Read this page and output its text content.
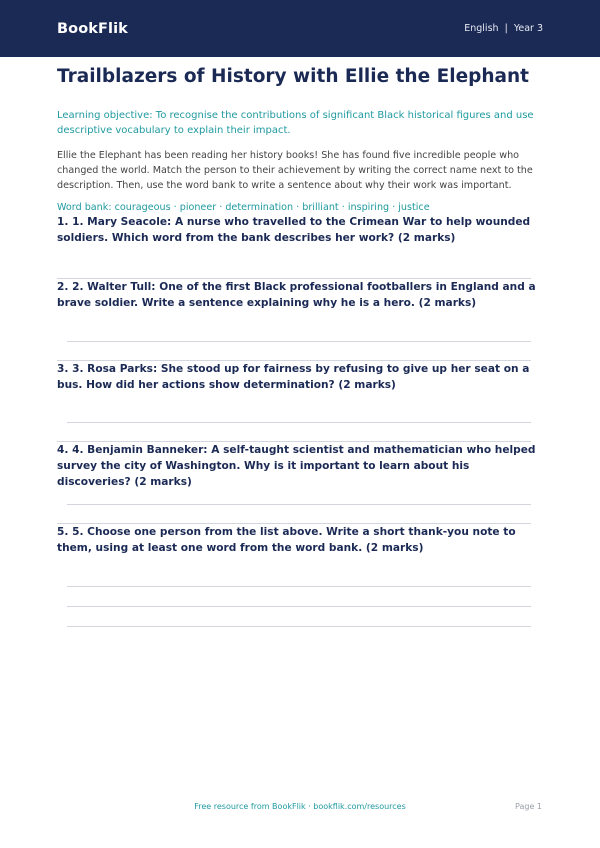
BookFlik	English  |  Year 3
Trailblazers of History with Ellie the Elephant

Learning objective: To recognise the contributions of significant Black historical figures and use descriptive vocabulary to explain their impact.

Ellie the Elephant has been reading her history books! She has found five incredible people who changed the world. Match the person to their achievement by writing the correct name next to the description. Then, use the word bank to write a sentence about why their work was important.

Word bank: courageous · pioneer · determination · brilliant · inspiring · justice

1. 1. Mary Seacole: A nurse who travelled to the Crimean War to help wounded soldiers. Which word from the bank describes her work? (2 marks)

2. 2. Walter Tull: One of the first Black professional footballers in England and a brave soldier. Write a sentence explaining why he is a hero. (2 marks)

3. 3. Rosa Parks: She stood up for fairness by refusing to give up her seat on a bus. How did her actions show determination? (2 marks)

4. 4. Benjamin Banneker: A self-taught scientist and mathematician who helped survey the city of Washington. Why is it important to learn about his discoveries? (2 marks)

5. 5. Choose one person from the list above. Write a short thank-you note to them, using at least one word from the word bank. (2 marks)

Free resource from BookFlik · bookflik.com/resources	Page 1
